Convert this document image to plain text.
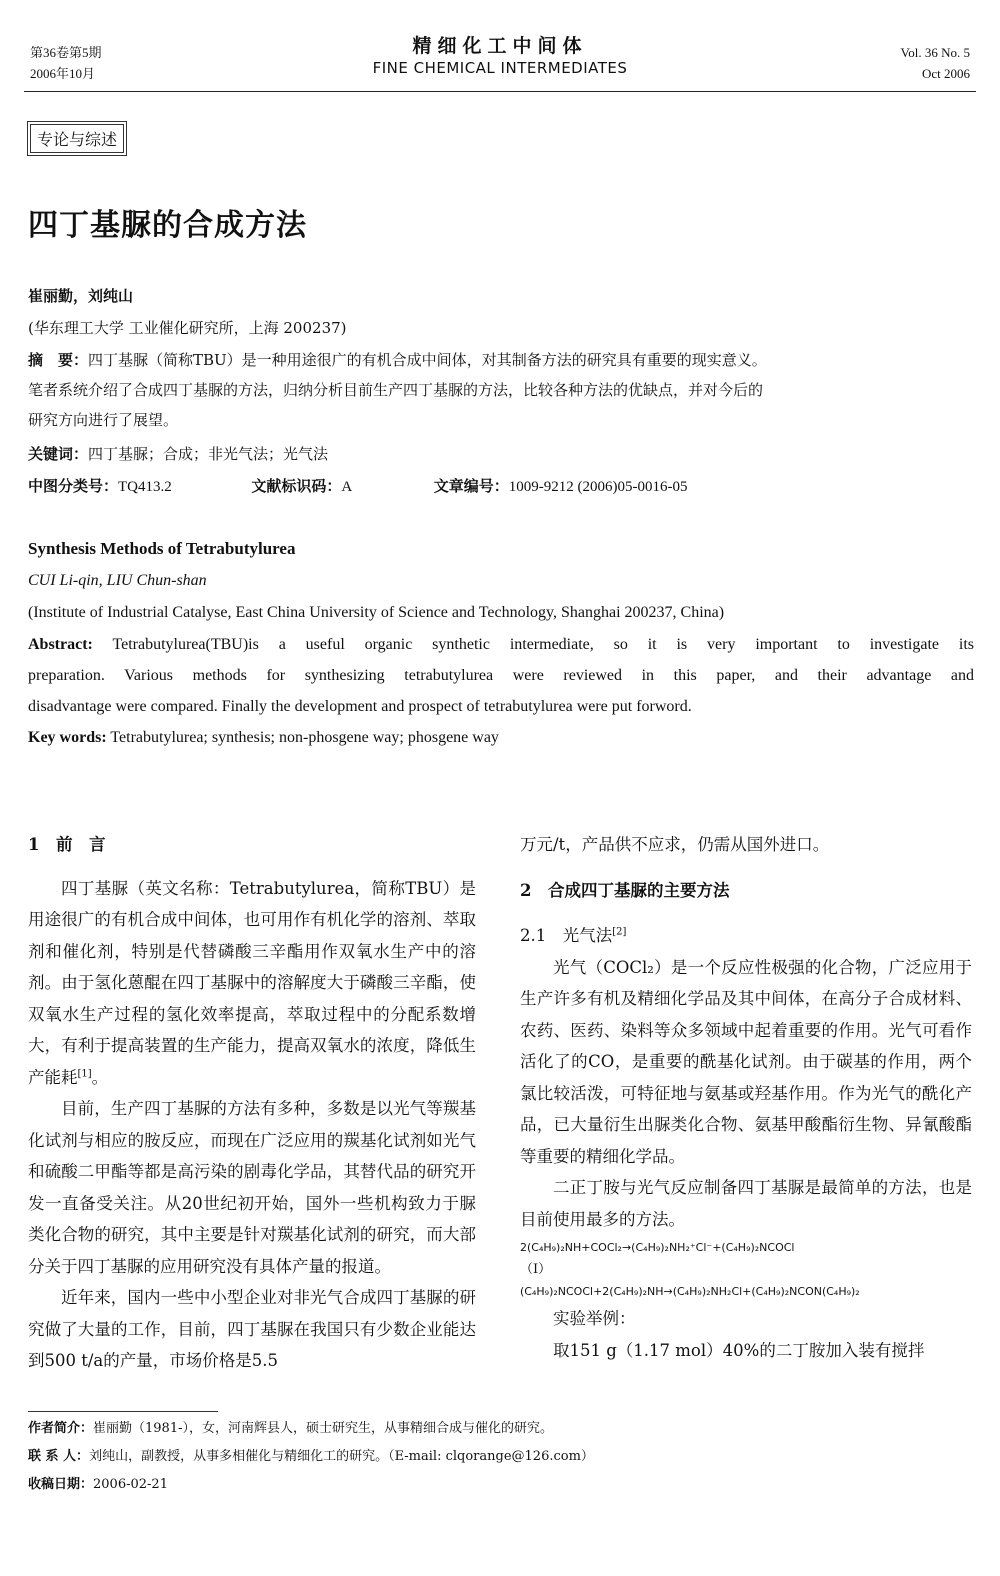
第36卷第5期
2006年10月
精细化工中间体
FINE CHEMICAL INTERMEDIATES
Vol. 36 No. 5
Oct 2006
专论与综述
四丁基脲的合成方法
崔丽勤，刘纯山
(华东理工大学 工业催化研究所，上海 200237)
摘　要：四丁基脲（简称TBU）是一种用途很广的有机合成中间体，对其制备方法的研究具有重要的现实意义。
笔者系统介绍了合成四丁基脲的方法，归纳分析目前生产四丁基脲的方法，比较各种方法的优缺点，并对今后的
研究方向进行了展望。
关键词：四丁基脲；合成；非光气法；光气法
中图分类号：TQ413.2	文献标识码：A	文章编号：1009-9212 (2006)05-0016-05
Synthesis Methods of Tetrabutylurea
CUI Li-qin, LIU Chun-shan
(Institute of Industrial Catalyse, East China University of Science and Technology, Shanghai 200237, China)
Abstract: Tetrabutylurea(TBU)is a useful organic synthetic intermediate, so it is very important to investigate its
preparation. Various methods for synthesizing tetrabutylurea were reviewed in this paper, and their advantage and
disadvantage were compared. Finally the development and prospect of tetrabutylurea were put forword.
Key words: Tetrabutylurea; synthesis; non-phosgene way; phosgene way

1　前　言

四丁基脲（英文名称：Tetrabutylurea，简称TBU）是用途很广的有机合成中间体，也可用作有机化学的溶剂、萃取剂和催化剂，特别是代替磷酸三辛酯用作双氧水生产中的溶剂。由于氢化蒽醌在四丁基脲中的溶解度大于磷酸三辛酯，使双氧水生产过程的氢化效率提高，萃取过程中的分配系数增大，有利于提高装置的生产能力，提高双氧水的浓度，降低生产能耗[1]。

目前，生产四丁基脲的方法有多种，多数是以光气等羰基化试剂与相应的胺反应，而现在广泛应用的羰基化试剂如光气和硫酸二甲酯等都是高污染的剧毒化学品，其替代品的研究开发一直备受关注。从20世纪初开始，国外一些机构致力于脲类化合物的研究，其中主要是针对羰基化试剂的研究，而大部分关于四丁基脲的应用研究没有具体产量的报道。

近年来，国内一些中小型企业对非光气合成四丁基脲的研究做了大量的工作，目前，四丁基脲在我国只有少数企业能达到500 t/a的产量，市场价格是5.5

万元/t，产品供不应求，仍需从国外进口。

2　合成四丁基脲的主要方法

2.1　光气法[2]

光气（COCl₂）是一个反应性极强的化合物，广泛应用于生产许多有机及精细化学品及其中间体，在高分子合成材料、农药、医药、染料等众多领域中起着重要的作用。光气可看作活化了的CO，是重要的酰基化试剂。由于碳基的作用，两个氯比较活泼，可特征地与氨基或羟基作用。作为光气的酰化产品，已大量衍生出脲类化合物、氨基甲酸酯衍生物、异氰酸酯等重要的精细化学品。

二正丁胺与光气反应制备四丁基脲是最简单的方法，也是目前使用最多的方法。

2(C₄H₉)₂NH+COCl₂→(C₄H₉)₂NH₂⁺Cl⁻+(C₄H₉)₂NCOCl

（Ⅰ）

(C₄H₉)₂NCOCl+2(C₄H₉)₂NH→(C₄H₉)₂NH₂Cl+(C₄H₉)₂NCON(C₄H₉)₂

实验举例：

取151 g（1.17 mol）40%的二丁胺加入装有搅拌

作者简介：崔丽勤（1981-），女，河南辉县人，硕士研究生，从事精细合成与催化的研究。
联 系 人：刘纯山，副教授，从事多相催化与精细化工的研究。（E-mail: clqorange@126.com）
收稿日期：2006-02-21
